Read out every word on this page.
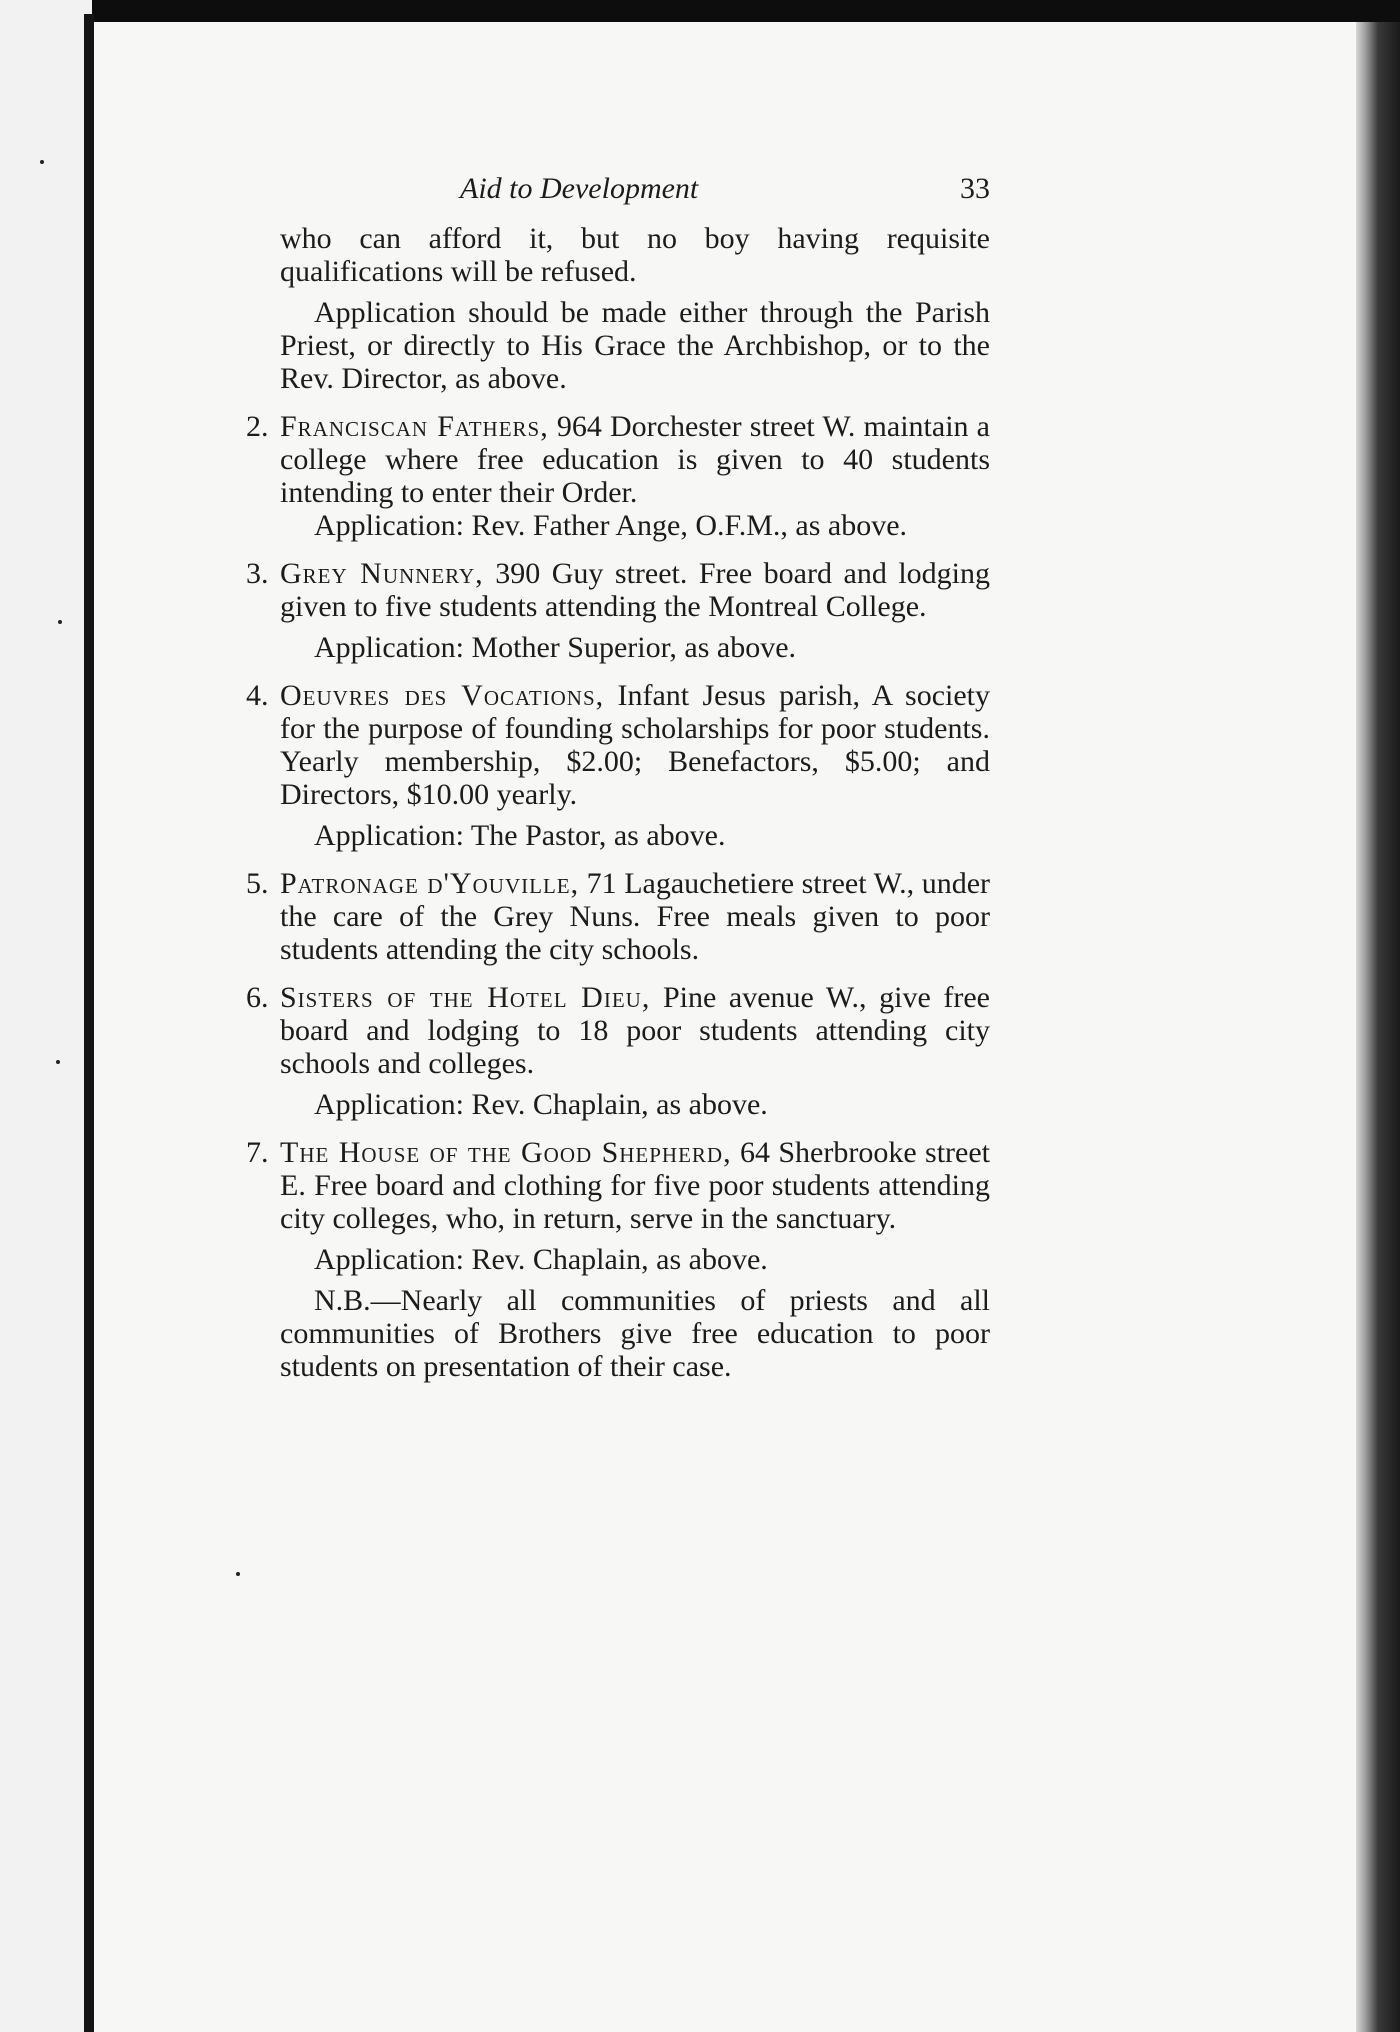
Aid to Development	33

who can afford it, but no boy having requisite qualifications will be refused.

Application should be made either through the Parish Priest, or directly to His Grace the Archbishop, or to the Rev. Director, as above.

2. Franciscan Fathers, 964 Dorchester street W. maintain a college where free education is given to 40 students intending to enter their Order.

Application: Rev. Father Ange, O.F.M., as above.

3. Grey Nunnery, 390 Guy street. Free board and lodging given to five students attending the Montreal College.

Application: Mother Superior, as above.

4. Oeuvres des Vocations, Infant Jesus parish, A society for the purpose of founding scholarships for poor students. Yearly membership, $2.00; Benefactors, $5.00; and Directors, $10.00 yearly.

Application: The Pastor, as above.

5. Patronage d'Youville, 71 Lagauchetiere street W., under the care of the Grey Nuns. Free meals given to poor students attending the city schools.

6. Sisters of the Hotel Dieu, Pine avenue W., give free board and lodging to 18 poor students attending city schools and colleges.

Application: Rev. Chaplain, as above.

7. The House of the Good Shepherd, 64 Sherbrooke street E. Free board and clothing for five poor students attending city colleges, who, in return, serve in the sanctuary.

Application: Rev. Chaplain, as above.

N.B.—Nearly all communities of priests and all communities of Brothers give free education to poor students on presentation of their case.
